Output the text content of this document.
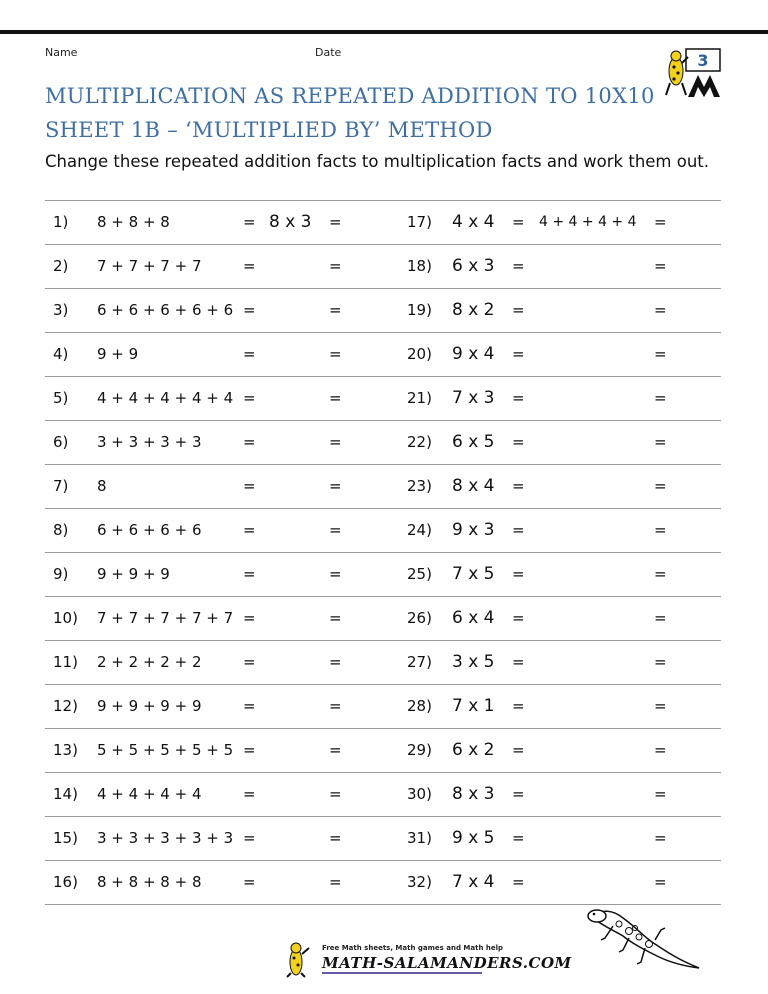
Name	Date
MULTIPLICATION AS REPEATED ADDITION TO 10X10
SHEET 1B – ‘MULTIPLIED BY’ METHOD
Change these repeated addition facts to multiplication facts and work them out.
3
1) 8 + 8 + 8	= 8 x 3 =	17) 4 x 4 = 4 + 4 + 4 + 4 =
2) 7 + 7 + 7 + 7	=	=	18) 6 x 3 =	=
3) 6 + 6 + 6 + 6 + 6 =	=	19) 8 x 2 =	=
4) 9 + 9	=	=	20) 9 x 4 =	=
5) 4 + 4 + 4 + 4 + 4 =	=	21) 7 x 3 =	=
6) 3 + 3 + 3 + 3	=	=	22) 6 x 5 =	=
7) 8	=	=	23) 8 x 4 =	=
8) 6 + 6 + 6 + 6	=	=	24) 9 x 3 =	=
9) 9 + 9 + 9	=	=	25) 7 x 5 =	=
10) 7 + 7 + 7 + 7 + 7 =	=	26) 6 x 4 =	=
11) 2 + 2 + 2 + 2	=	=	27) 3 x 5 =	=
12) 9 + 9 + 9 + 9	=	=	28) 7 x 1 =	=
13) 5 + 5 + 5 + 5 + 5 =	=	29) 6 x 2 =	=
14) 4 + 4 + 4 + 4	=	=	30) 8 x 3 =	=
15) 3 + 3 + 3 + 3 + 3 =	=	31) 9 x 5 =	=
16) 8 + 8 + 8 + 8	=	=	32) 7 x 4 =	=
Free Math sheets, Math games and Math help
MATH-SALAMANDERS.COM
